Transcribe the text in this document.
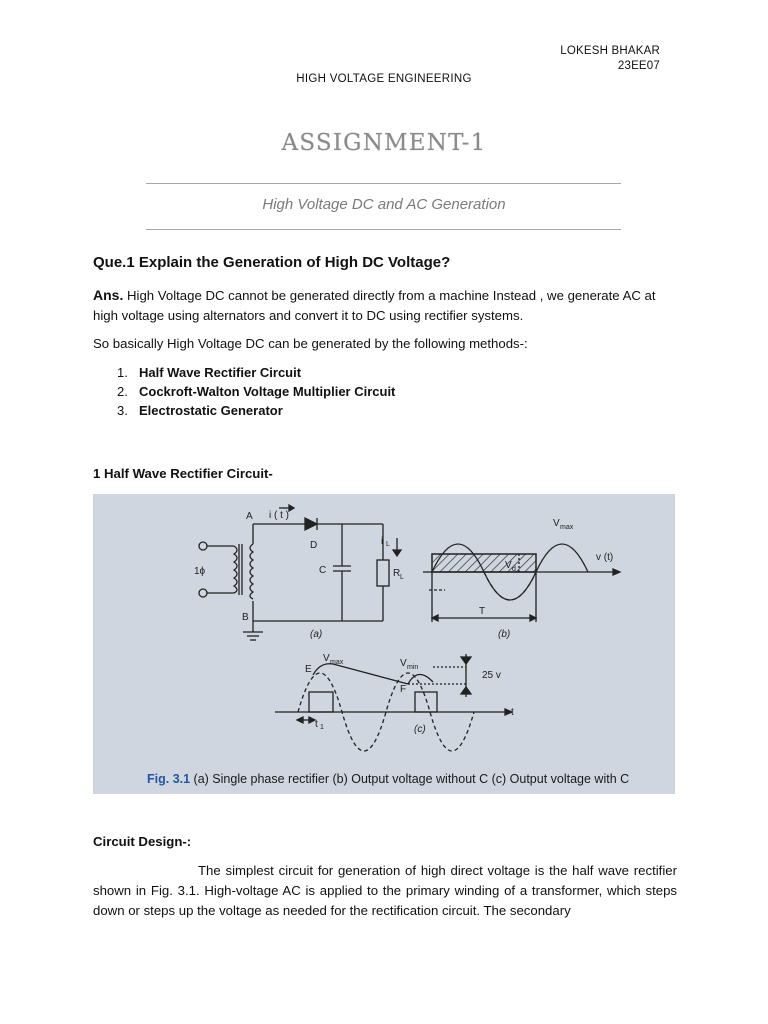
LOKESH BHAKAR
23EE07
HIGH VOLTAGE ENGINEERING
ASSIGNMENT-1
High Voltage DC and AC Generation
Que.1 Explain the Generation of High DC Voltage?
Ans. High Voltage DC cannot be generated directly from a machine Instead , we generate AC at high voltage using alternators and convert it to DC using rectifier systems.
So basically High Voltage DC can be generated by the following methods-:
1. Half Wave Rectifier Circuit
2. Cockroft-Walton Voltage Multiplier Circuit
3. Electrostatic Generator
1 Half Wave Rectifier Circuit-
A i ( t )
D
C
i L
R L
1ϕ
B
(a)
V max
v (t)
V d
T
(b)
V max
E
V min
F
25 v
t
t 1	(c)
Fig. 3.1 (a) Single phase rectifier (b) Output voltage without C (c) Output voltage with C
Circuit Design-:
The simplest circuit for generation of high direct voltage is the half wave rectifier shown in Fig. 3.1. High-voltage AC is applied to the primary winding of a transformer, which steps down or steps up the voltage as needed for the rectification circuit. The secondary
